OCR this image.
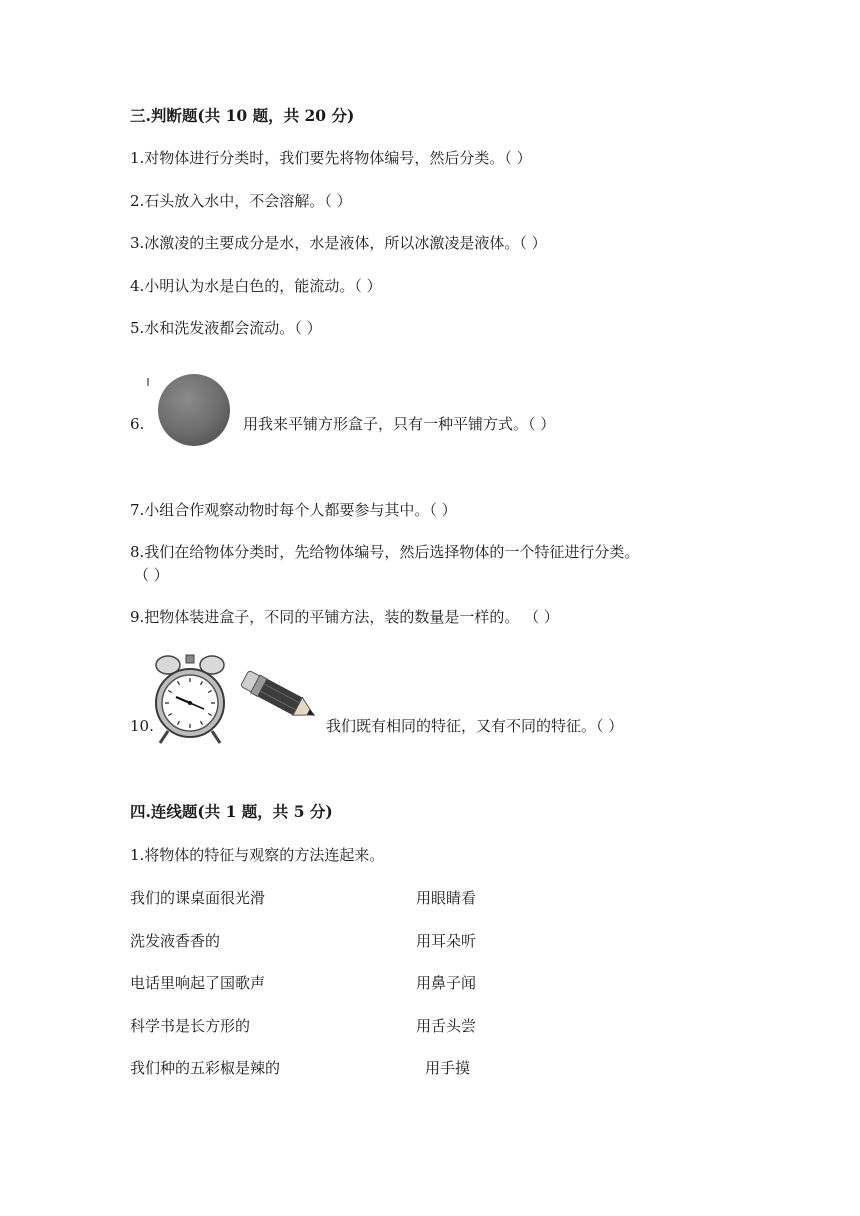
三.判断题(共 10 题，共 20 分)
1.对物体进行分类时，我们要先将物体编号，然后分类。（ ）
2.石头放入水中，不会溶解。（ ）
3.冰激凌的主要成分是水，水是液体，所以冰激凌是液体。（ ）
4.小明认为水是白色的，能流动。（ ）
5.水和洗发液都会流动。（ ）
6.	用我来平铺方形盒子，只有一种平铺方式。（ ）
7.小组合作观察动物时每个人都要参与其中。（ ）
8.我们在给物体分类时，先给物体编号，然后选择物体的一个特征进行分类。
（ ）
9.把物体装进盒子，不同的平铺方法，装的数量是一样的。 （ ）
10.	我们既有相同的特征，又有不同的特征。（ ）
四.连线题(共 1 题，共 5 分)
1.将物体的特征与观察的方法连起来。
我们的课桌面很光滑	用眼睛看
洗发液香香的	用耳朵听
电话里响起了国歌声	用鼻子闻
科学书是长方形的	用舌头尝
我们种的五彩椒是辣的	用手摸
